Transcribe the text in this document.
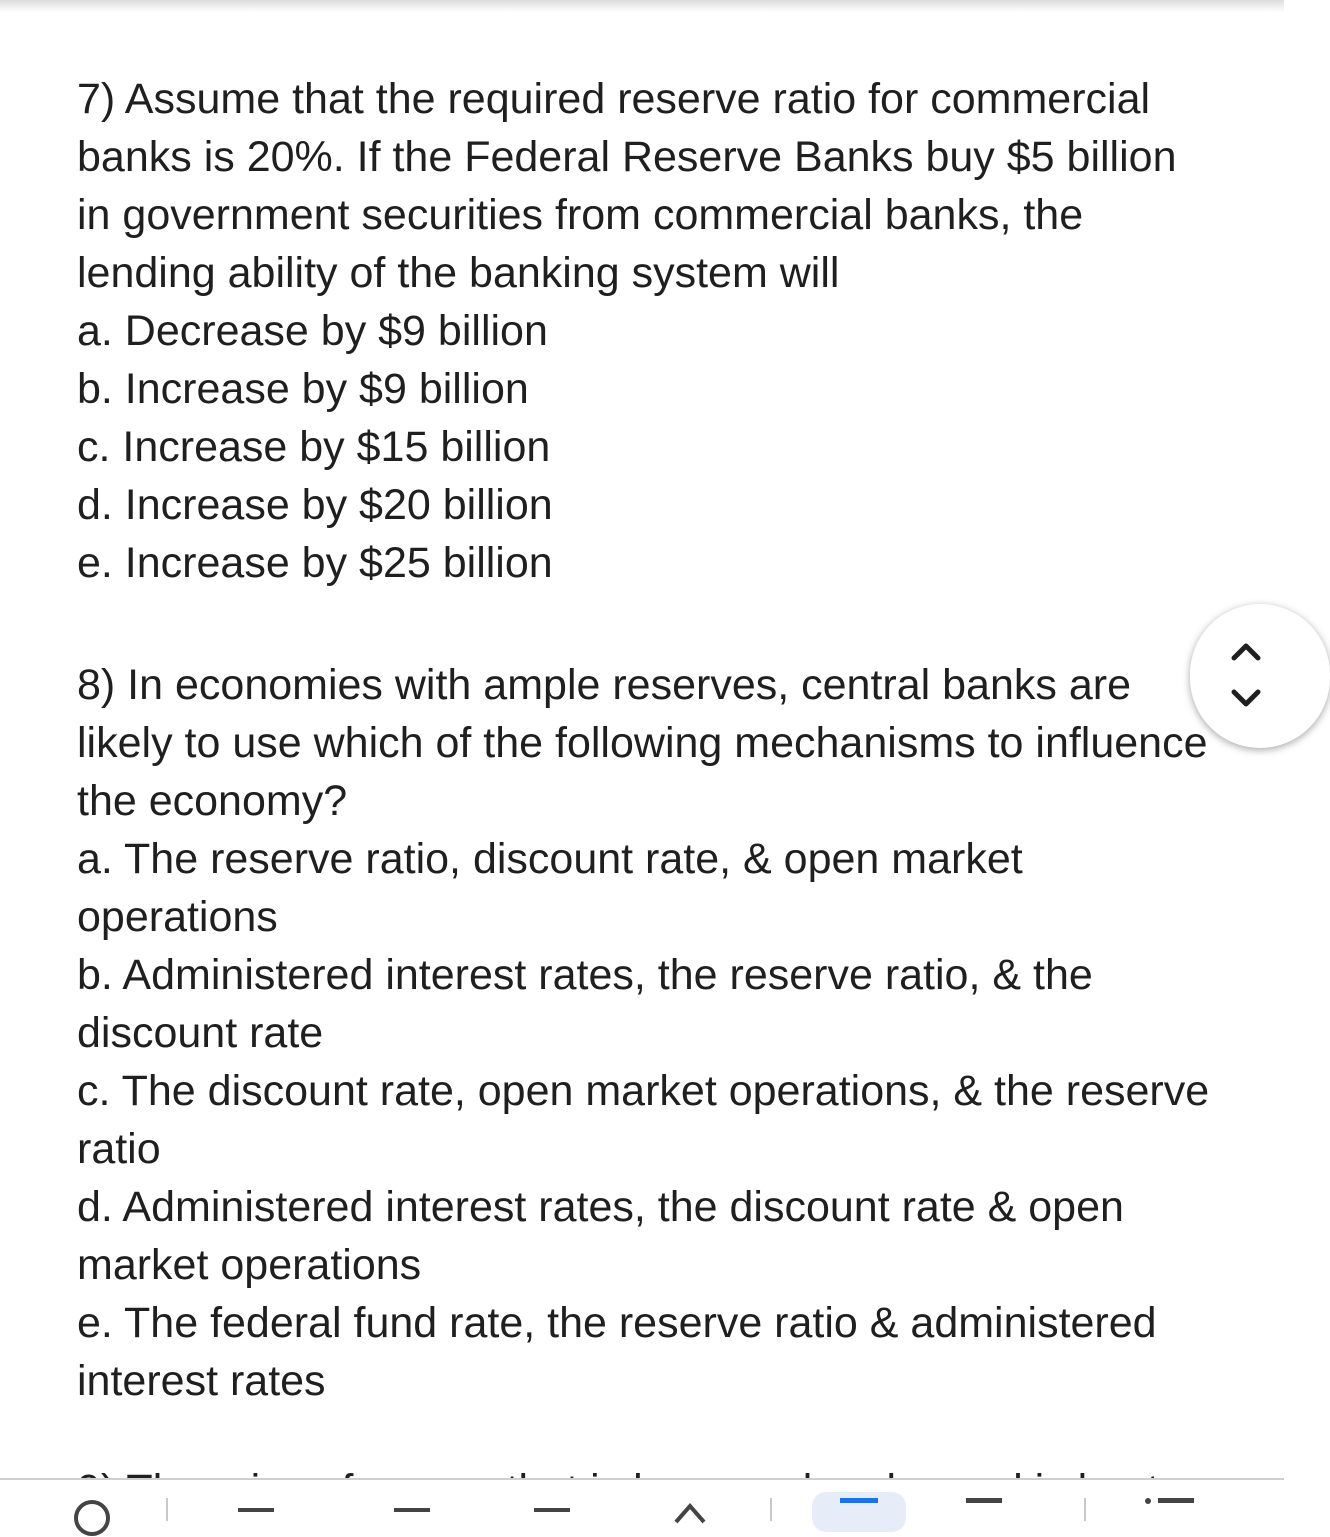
7) Assume that the required reserve ratio for commercial banks is 20%. If the Federal Reserve Banks buy $5 billion in government securities from commercial banks, the lending ability of the banking system will

a. Decrease by $9 billion
b. Increase by $9 billion
c. Increase by $15 billion
d. Increase by $20 billion
e. Increase by $25 billion

8) In economies with ample reserves, central banks are likely to use which of the following mechanisms to influence the economy?

a. The reserve ratio, discount rate, & open market operations
b. Administered interest rates, the reserve ratio, & the discount rate
c. The discount rate, open market operations, & the reserve ratio
d. Administered interest rates, the discount rate & open market operations
e. The federal fund rate, the reserve ratio & administered interest rates
